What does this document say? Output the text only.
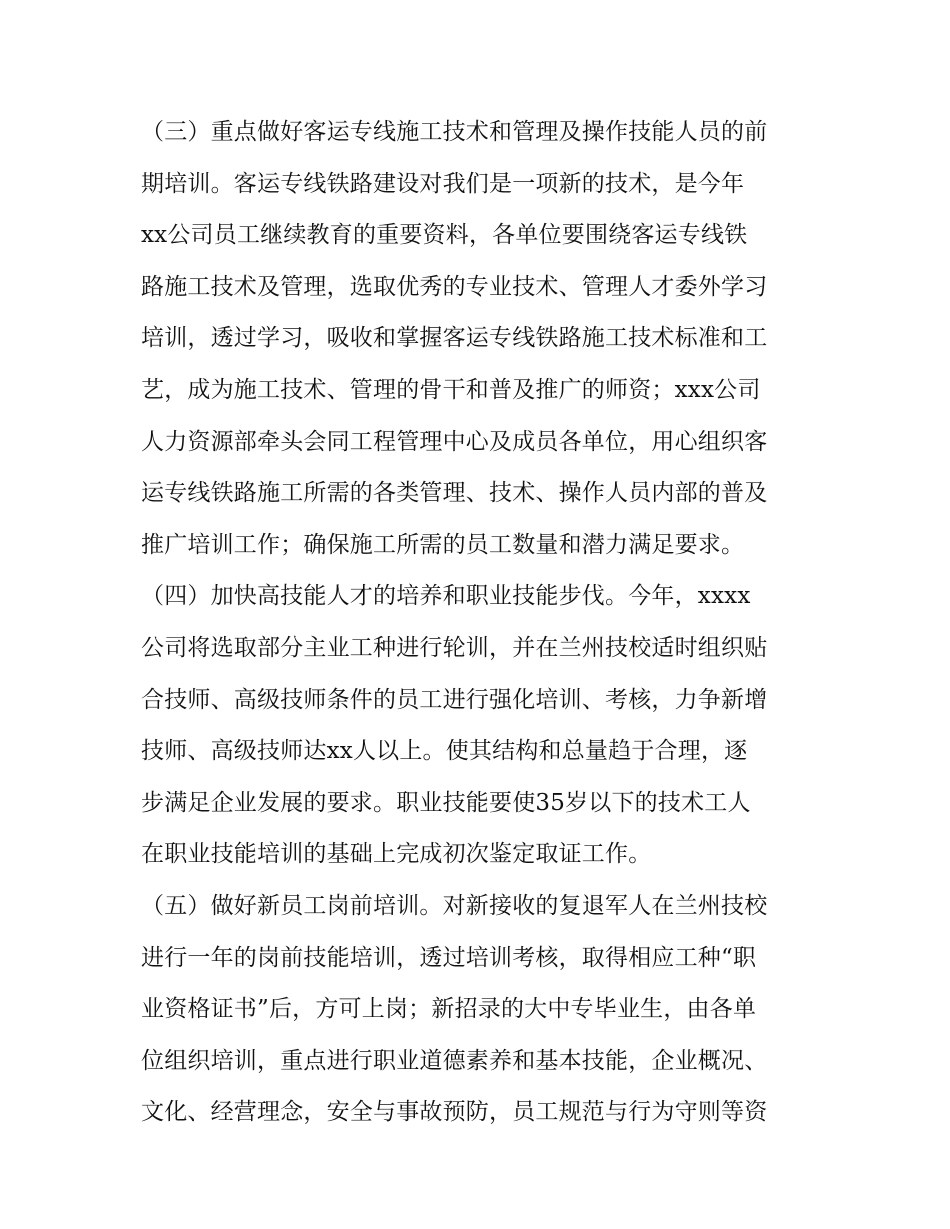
（三）重点做好客运专线施工技术和管理及操作技能人员的前
期培训。客运专线铁路建设对我们是一项新的技术，是今年
xx公司员工继续教育的重要资料，各单位要围绕客运专线铁
路施工技术及管理，选取优秀的专业技术、管理人才委外学习
培训，透过学习，吸收和掌握客运专线铁路施工技术标准和工
艺，成为施工技术、管理的骨干和普及推广的师资；xxx公司
人力资源部牵头会同工程管理中心及成员各单位，用心组织客
运专线铁路施工所需的各类管理、技术、操作人员内部的普及
推广培训工作；确保施工所需的员工数量和潜力满足要求。
（四）加快高技能人才的培养和职业技能步伐。今年，xxxx
公司将选取部分主业工种进行轮训，并在兰州技校适时组织贴
合技师、高级技师条件的员工进行强化培训、考核，力争新增
技师、高级技师达xx人以上。使其结构和总量趋于合理，逐
步满足企业发展的要求。职业技能要使35岁以下的技术工人
在职业技能培训的基础上完成初次鉴定取证工作。
（五）做好新员工岗前培训。对新接收的复退军人在兰州技校
进行一年的岗前技能培训，透过培训考核，取得相应工种“职
业资格证书”后，方可上岗；新招录的大中专毕业生，由各单
位组织培训，重点进行职业道德素养和基本技能，企业概况、
文化、经营理念，安全与事故预防，员工规范与行为守则等资
